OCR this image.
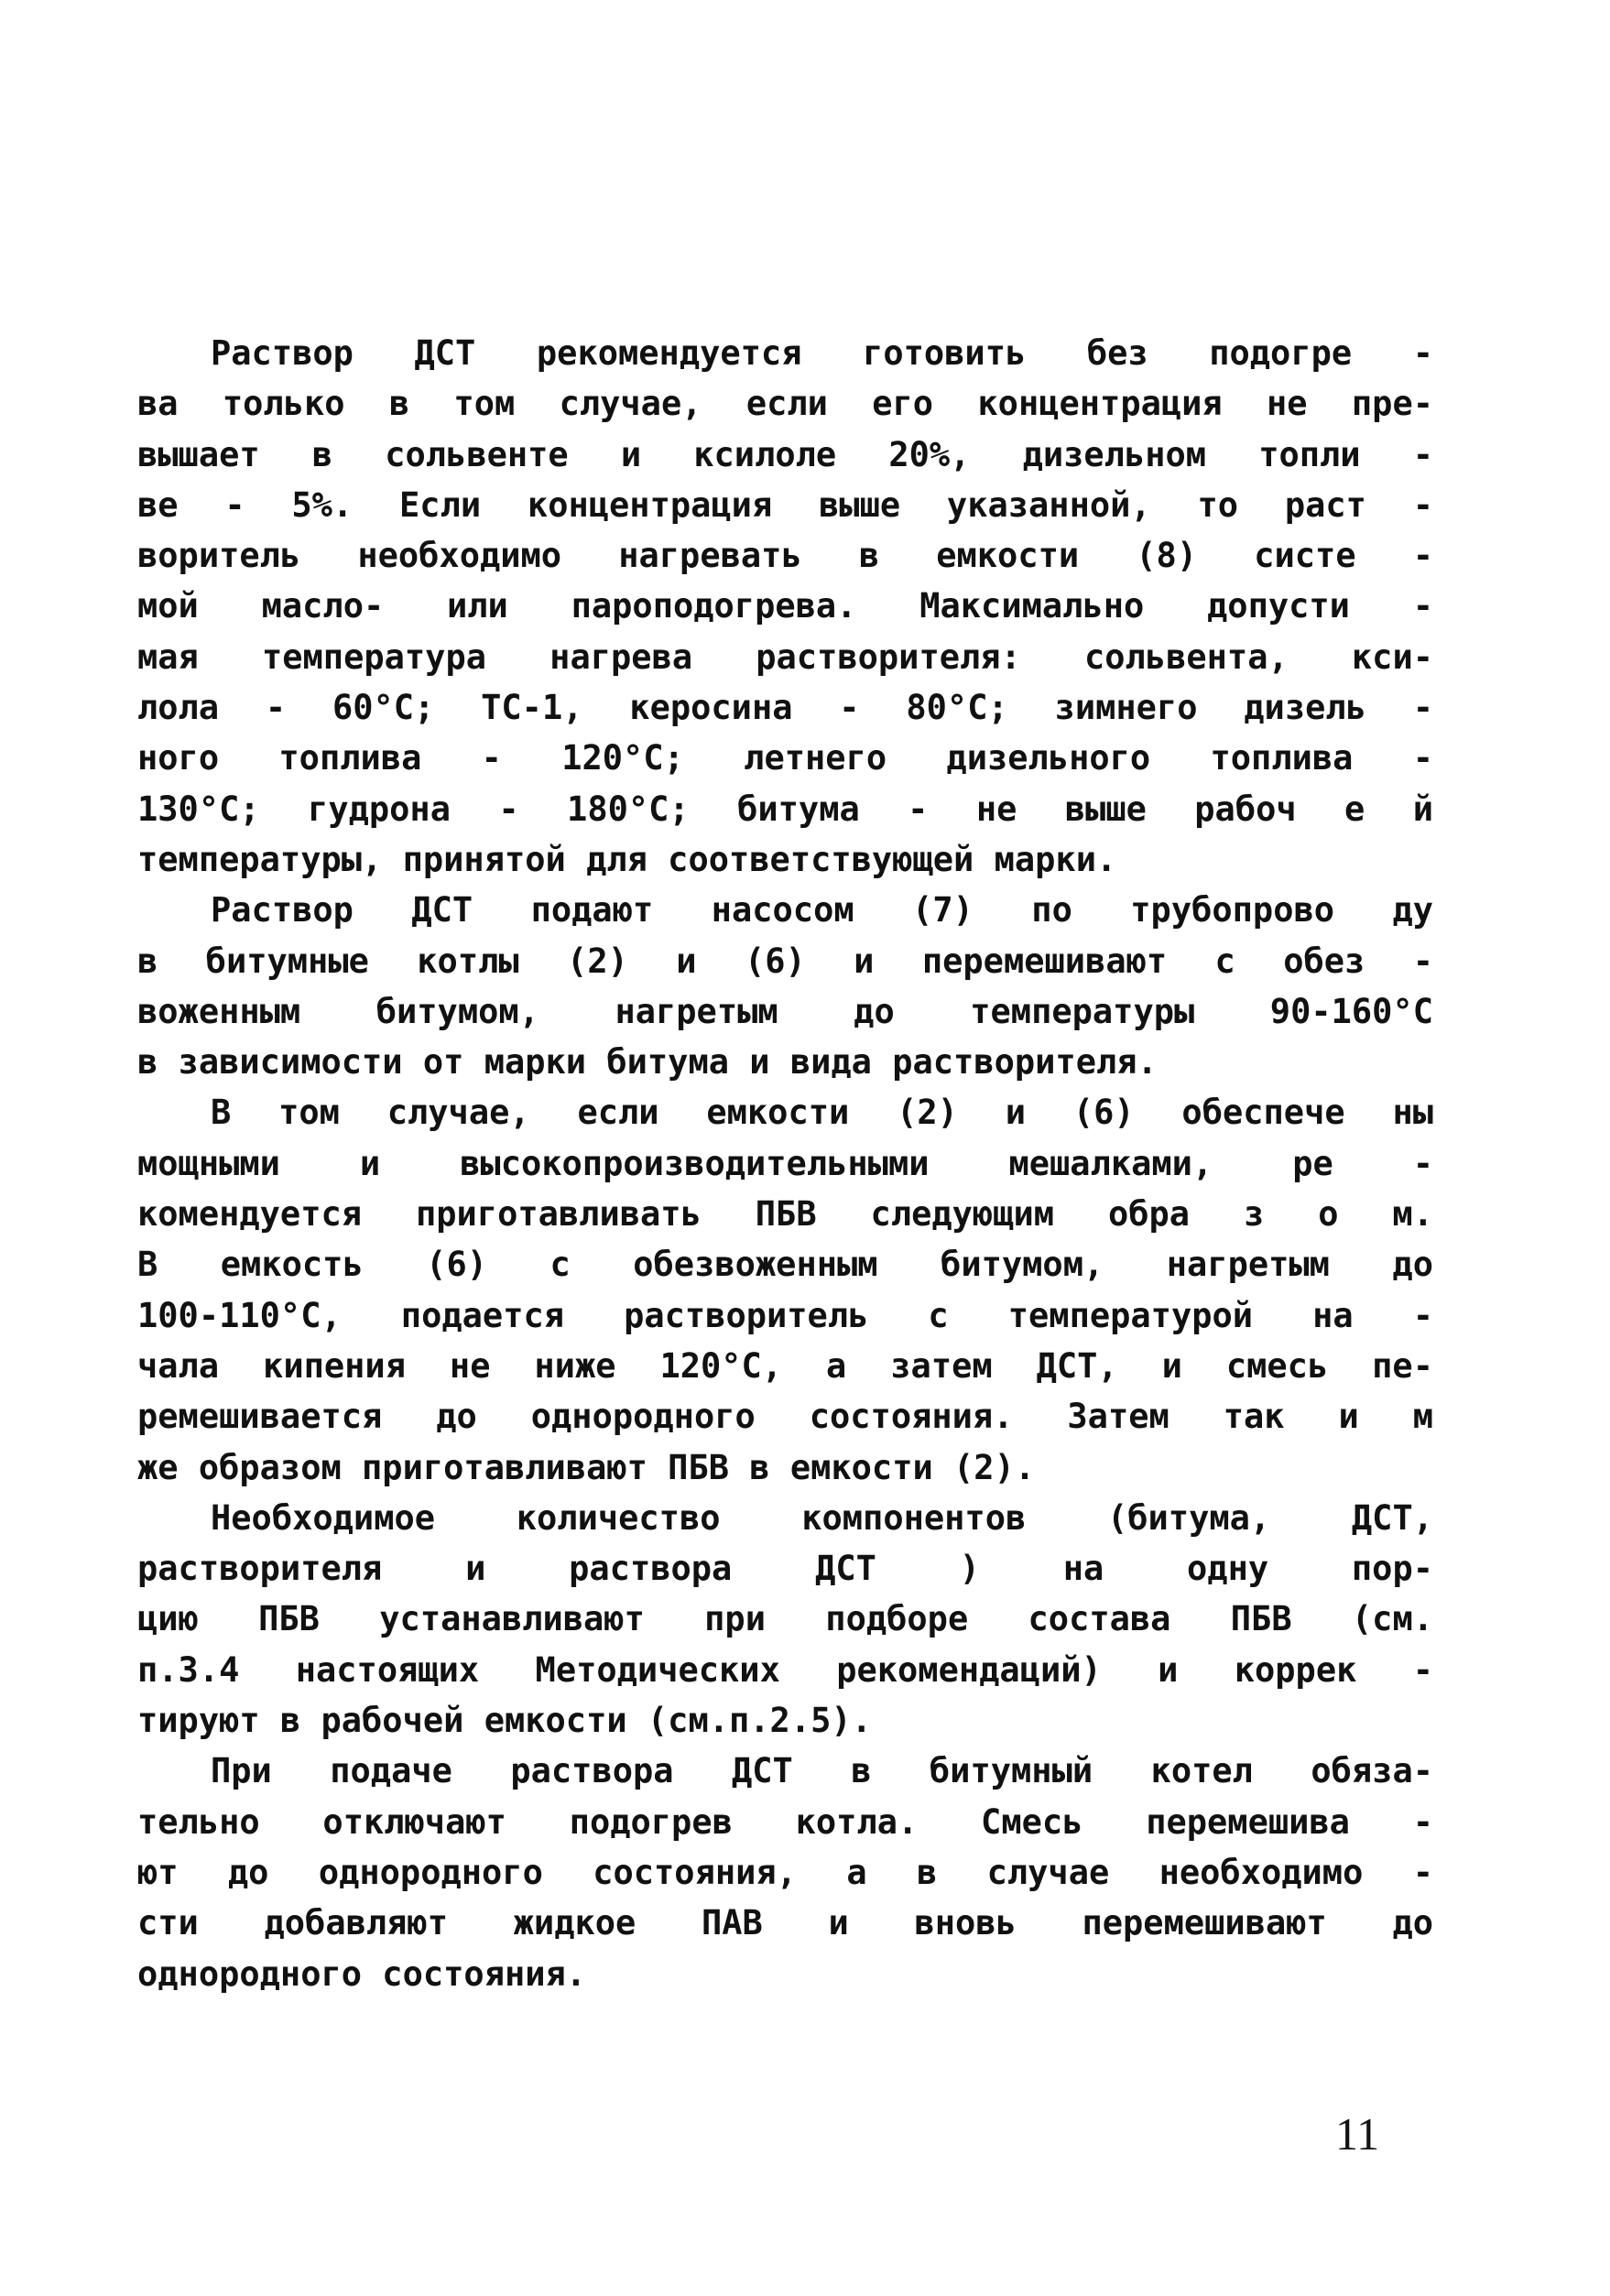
Раствор ДСТ рекомендуется готовить без подогре -
ва только в том случае, если его концентрация не пре-
вышает в сольвенте и ксилоле 20%, дизельном топли -
ве - 5%. Если концентрация выше указанной, то раст -
воритель необходимо нагревать в емкости (8) систе -
мой масло- или пароподогрева. Максимально допусти -
мая температура нагрева растворителя: сольвента, кси-
лола - 60°С; ТС-1, керосина - 80°С; зимнего дизель -
ного топлива - 120°С; летнего дизельного топлива -
130°С; гудрона - 180°С; битума - не выше рабоч е й
температуры, принятой для соответствующей марки.
Раствор ДСТ подают насосом (7) по трубопрово ду
в битумные котлы (2) и (6) и перемешивают с обез -
воженным битумом, нагретым до температуры 90-160°С
в зависимости от марки битума и вида растворителя.
В том случае, если емкости (2) и (6) обеспече ны
мощными и высокопроизводительными мешалками, ре -
комендуется приготавливать ПБВ следующим обра з о м.
В емкость (6) с обезвоженным битумом, нагретым до
100-110°С, подается растворитель с температурой на -
чала кипения не ниже 120°С, а затем ДСТ, и смесь пе-
ремешивается до однородного состояния. Затем так и м
же образом приготавливают ПБВ в емкости (2).
Необходимое количество компонентов (битума, ДСТ,
растворителя и раствора ДСТ ) на одну пор-
цию ПБВ устанавливают при подборе состава ПБВ (см.
п.3.4 настоящих Методических рекомендаций) и коррек -
тируют в рабочей емкости (см.п.2.5).
При подаче раствора ДСТ в битумный котел обяза-
тельно отключают подогрев котла. Смесь перемешива -
ют до однородного состояния, а в случае необходимо -
сти добавляют жидкое ПАВ и вновь перемешивают до
однородного состояния.
11
